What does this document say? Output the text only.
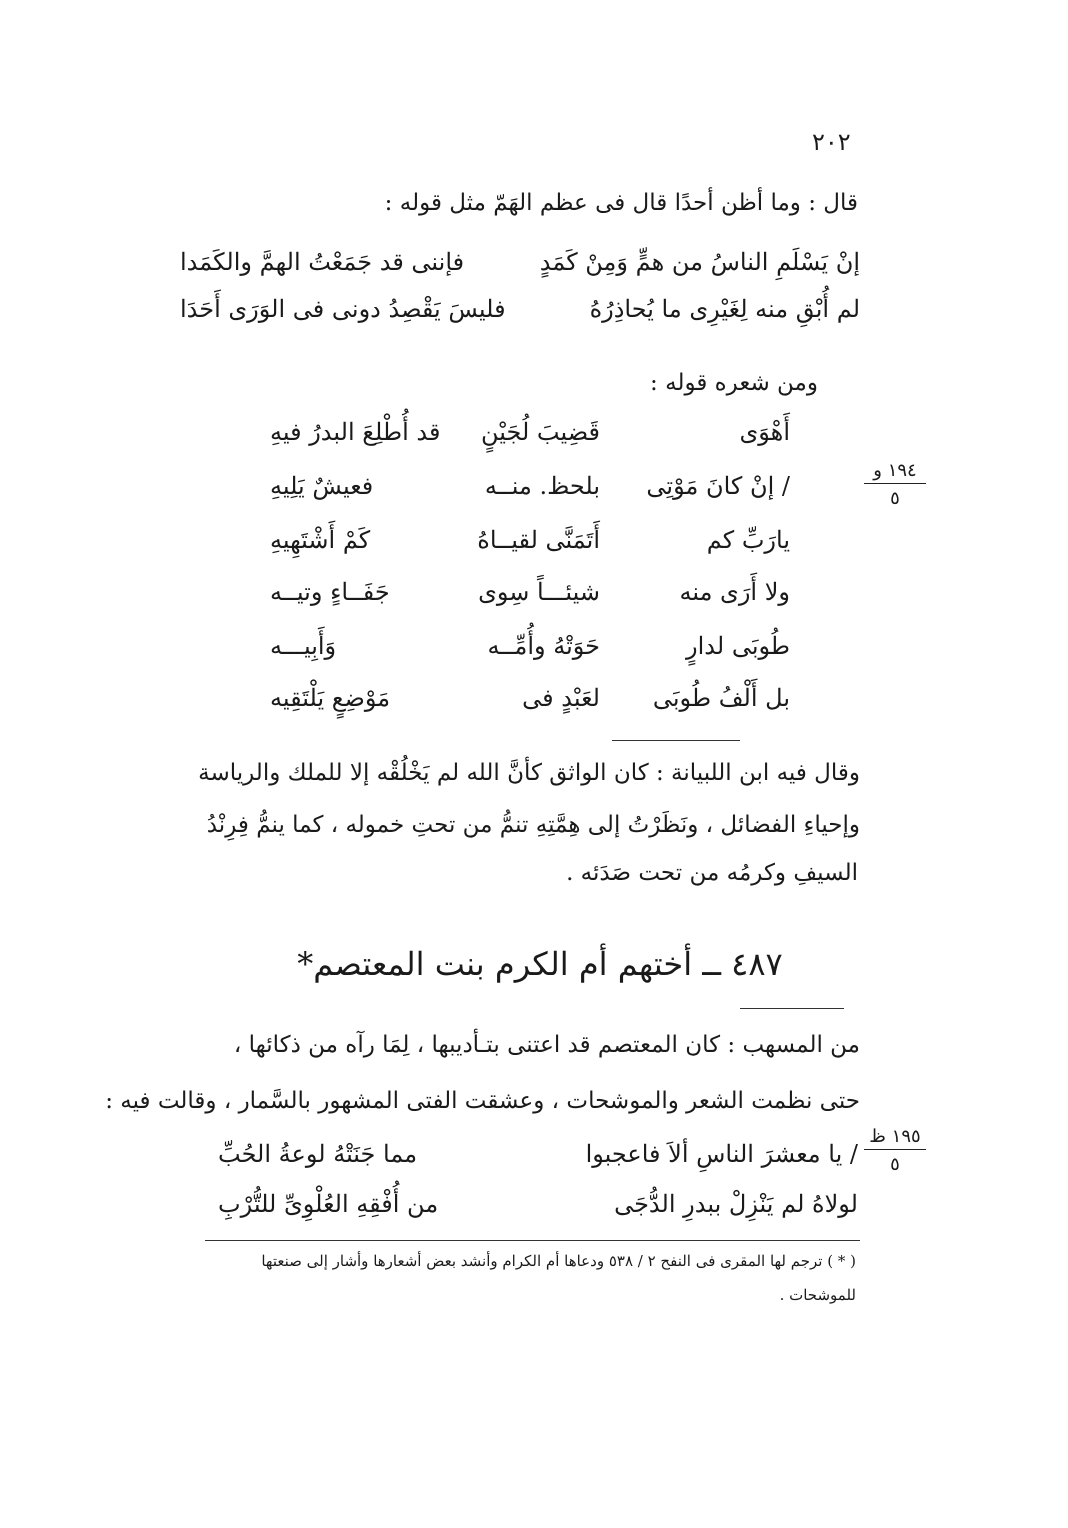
٢٠٢
قال : وما أظن أحدًا قال فى عظم الهَمّ مثل قوله :
إنْ يَسْلَمِ الناسُ من همٍّ وَمِنْ كَمَدٍ
فإننى قد جَمَعْتُ الهمَّ والكَمَدا
لم أُبْقِ منه لِغَيْرِى ما يُحاذِرُهُ
فليسَ يَقْصِدُ دونى فى الوَرَى أَحَدَا
ومن شعره قوله :
أَهْوَى
قَضِيبَ لُجَيْنٍ
قد أُطْلِعَ البدرُ فيهِ
/ إنْ كانَ مَوْتِى
بلحظ. منــه
فعيشٌ يَلِيهِ
يارَبِّ كم
أَتَمَنَّى لقيــاهُ
كَمْ أَشْتَهِيهِ
ولا أَرَى منه
شيئـــاً سِوى
جَفَــاءٍ وتيــه
طُوبَى لدارٍ
حَوَتْهُ وأُمِّــه
وَأَبِيـــه
بل أَلْفُ طُوبَى
لعَبْدٍ فى
مَوْضِعٍ يَلْتَقِيه
١٩٤ و
٥
وقال فيه ابن اللبيانة : كان الواثق كأنَّ الله لم يَخْلُقْه إلا للملك والرياسة
وإحياءِ الفضائل ، ونَظَرْتُ إلى هِمَّتِهِ تنمُّ من تحتِ خموله ، كما ينمُّ فِرِنْدُ
السيفِ وكرمُه من تحت صَدَئه .
٤٨٧ ــ أختهم أم الكرم بنت المعتصم*
من المسهب : كان المعتصم قد اعتنى بتـأديبها ، لِمَا رآه من ذكائها ،
حتى نظمت الشعر والموشحات ، وعشقت الفتى المشهور بالسَّمار ، وقالت فيه :
/ يا معشرَ الناسِ ألاَ فاعجبوا
مما جَنَتْهُ لوعةُ الحُبِّ
لولاهُ لم يَنْزِلْ ببدرِ الدُّجَى
من أُفْقِهِ العُلْوِىِّ للتُّرْبِ
١٩٥ ظ
٥
( * ) ترجم لها المقرى فى النفح ٢ / ٥٣٨ ودعاها أم الكرام وأنشد بعض أشعارها وأشار إلى صنعتها
للموشحات .
